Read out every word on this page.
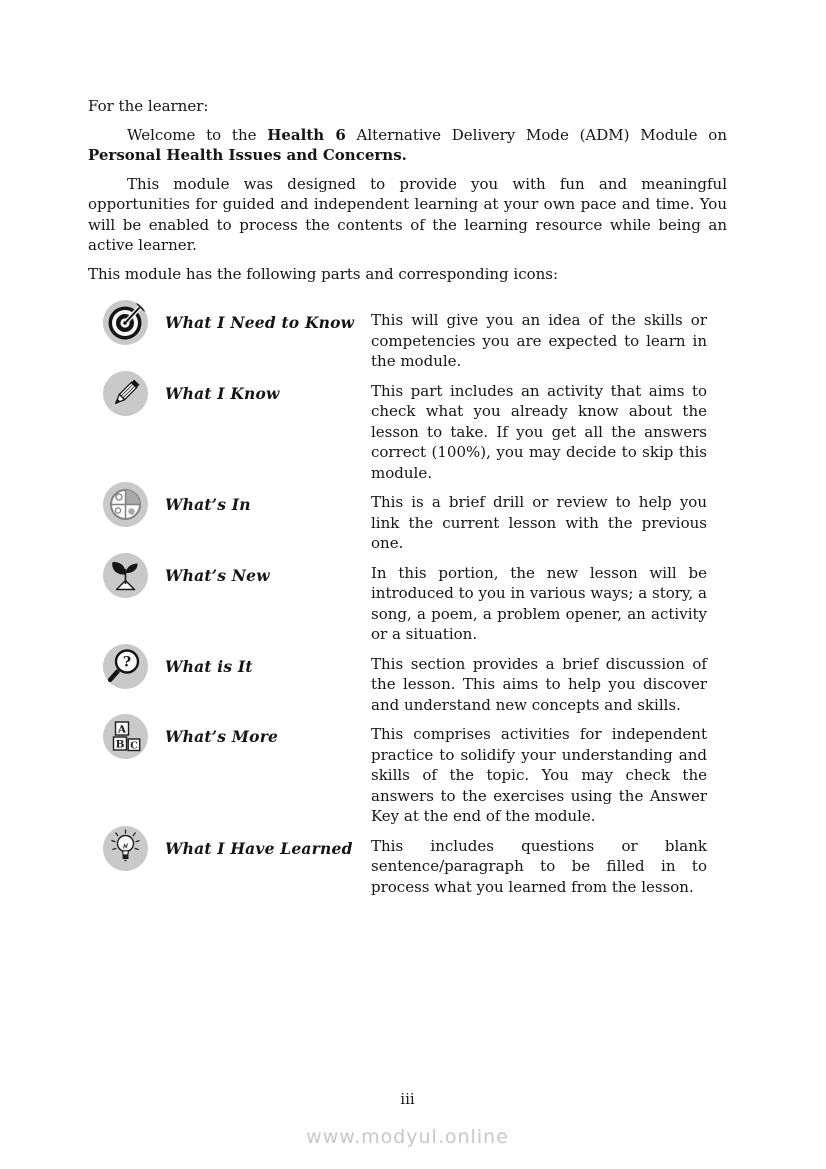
For the learner:

Welcome to the Health 6 Alternative Delivery Mode (ADM) Module on Personal Health Issues and Concerns.

This module was designed to provide you with fun and meaningful opportunities for guided and independent learning at your own pace and time. You will be enabled to process the contents of the learning resource while being an active learner.

This module has the following parts and corresponding icons:

What I Need to Know	This will give you an idea of the skills or competencies you are expected to learn in the module.
What I Know	This part includes an activity that aims to check what you already know about the lesson to take. If you get all the answers correct (100%), you may decide to skip this module.
What’s In	This is a brief drill or review to help you link the current lesson with the previous one.
What’s New	In this portion, the new lesson will be introduced to you in various ways; a story, a song, a poem, a problem opener, an activity or a situation.
? What is It	This section provides a brief discussion of the lesson. This aims to help you discover and understand new concepts and skills.
A
B C What’s More	This comprises activities for independent practice to solidify your understanding and skills of the topic. You may check the answers to the exercises using the Answer Key at the end of the module.
What I Have Learned	This includes questions or blank sentence/paragraph to be filled in to process what you learned from the lesson.
iii
www.modyul.online
